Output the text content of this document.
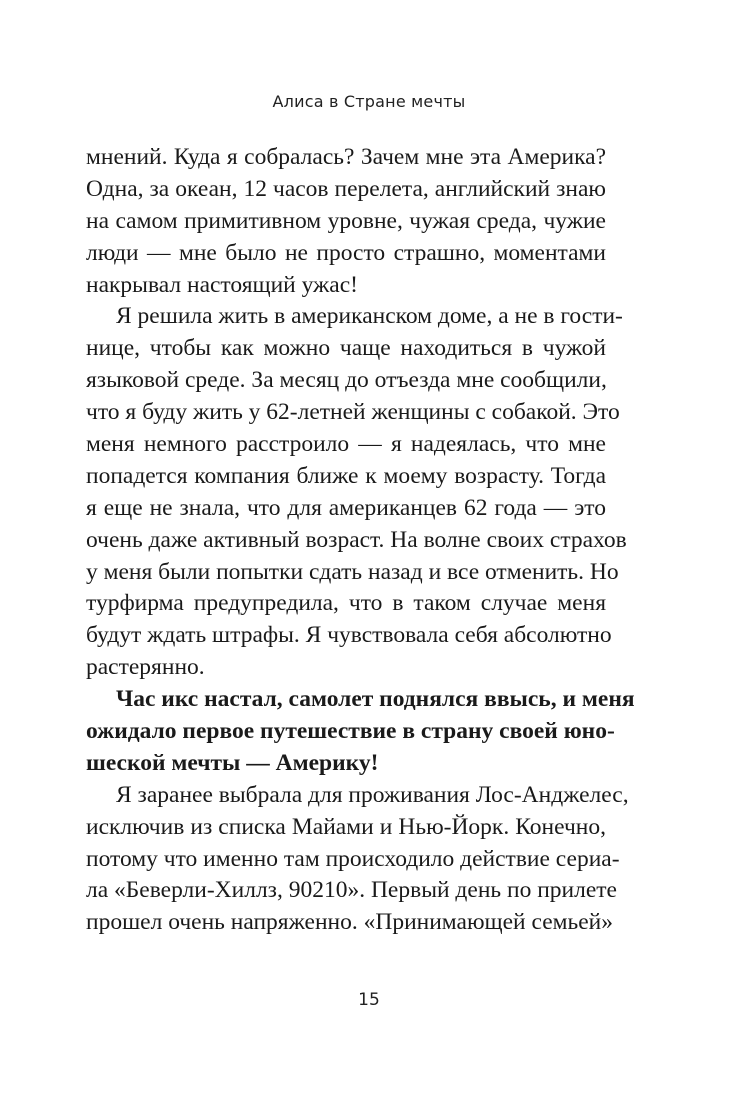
Алиса в Стране мечты
мнений. Куда я собралась? Зачем мне эта Америка?
Одна, за океан, 12 часов перелета, английский знаю
на самом примитивном уровне, чужая среда, чужие
люди — мне было не просто страшно, моментами
накрывал настоящий ужас!
Я решила жить в американском доме, а не в гости-
нице, чтобы как можно чаще находиться в чужой
языковой среде. За месяц до отъезда мне сообщили,
что я буду жить у 62-летней женщины с собакой. Это
меня немного расстроило — я надеялась, что мне
попадется компания ближе к моему возрасту. Тогда
я еще не знала, что для американцев 62 года — это
очень даже активный возраст. На волне своих страхов
у меня были попытки сдать назад и все отменить. Но
турфирма предупредила, что в таком случае меня
будут ждать штрафы. Я чувствовала себя абсолютно
растерянно.
Час икс настал, самолет поднялся ввысь, и меня
ожидало первое путешествие в страну своей юно-
шеской мечты — Америку!
Я заранее выбрала для проживания Лос-Анджелес,
исключив из списка Майами и Нью-Йорк. Конечно,
потому что именно там происходило действие сериа-
ла «Беверли-Хиллз, 90210». Первый день по прилете
прошел очень напряженно. «Принимающей семьей»
15
